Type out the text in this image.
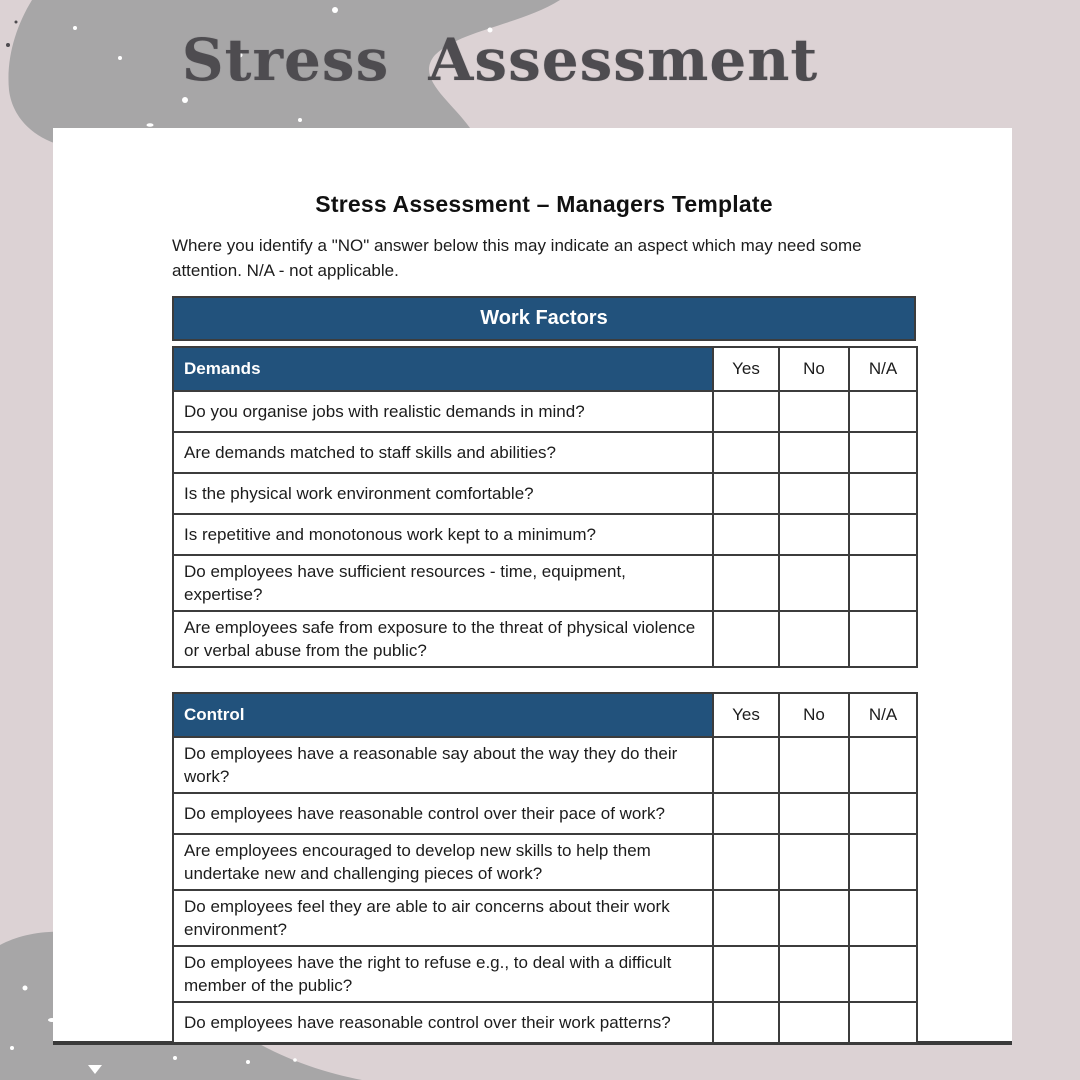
Stress Assessment
Stress Assessment – Managers Template

Where you identify a "NO" answer below this may indicate an aspect which may need some attention. N/A - not applicable.

Work Factors
Demands	Yes	No	N/A
Do you organise jobs with realistic demands in mind?			
Are demands matched to staff skills and abilities?			
Is the physical work environment comfortable?			
Is repetitive and monotonous work kept to a minimum?			
Do employees have sufficient resources - time, equipment, expertise?			
Are employees safe from exposure to the threat of physical violence or verbal abuse from the public?			
Control	Yes	No	N/A
Do employees have a reasonable say about the way they do their work?			
Do employees have reasonable control over their pace of work?			
Are employees encouraged to develop new skills to help them undertake new and challenging pieces of work?			
Do employees feel they are able to air concerns about their work environment?			
Do employees have the right to refuse e.g., to deal with a difficult member of the public?			
Do employees have reasonable control over their work patterns?			
